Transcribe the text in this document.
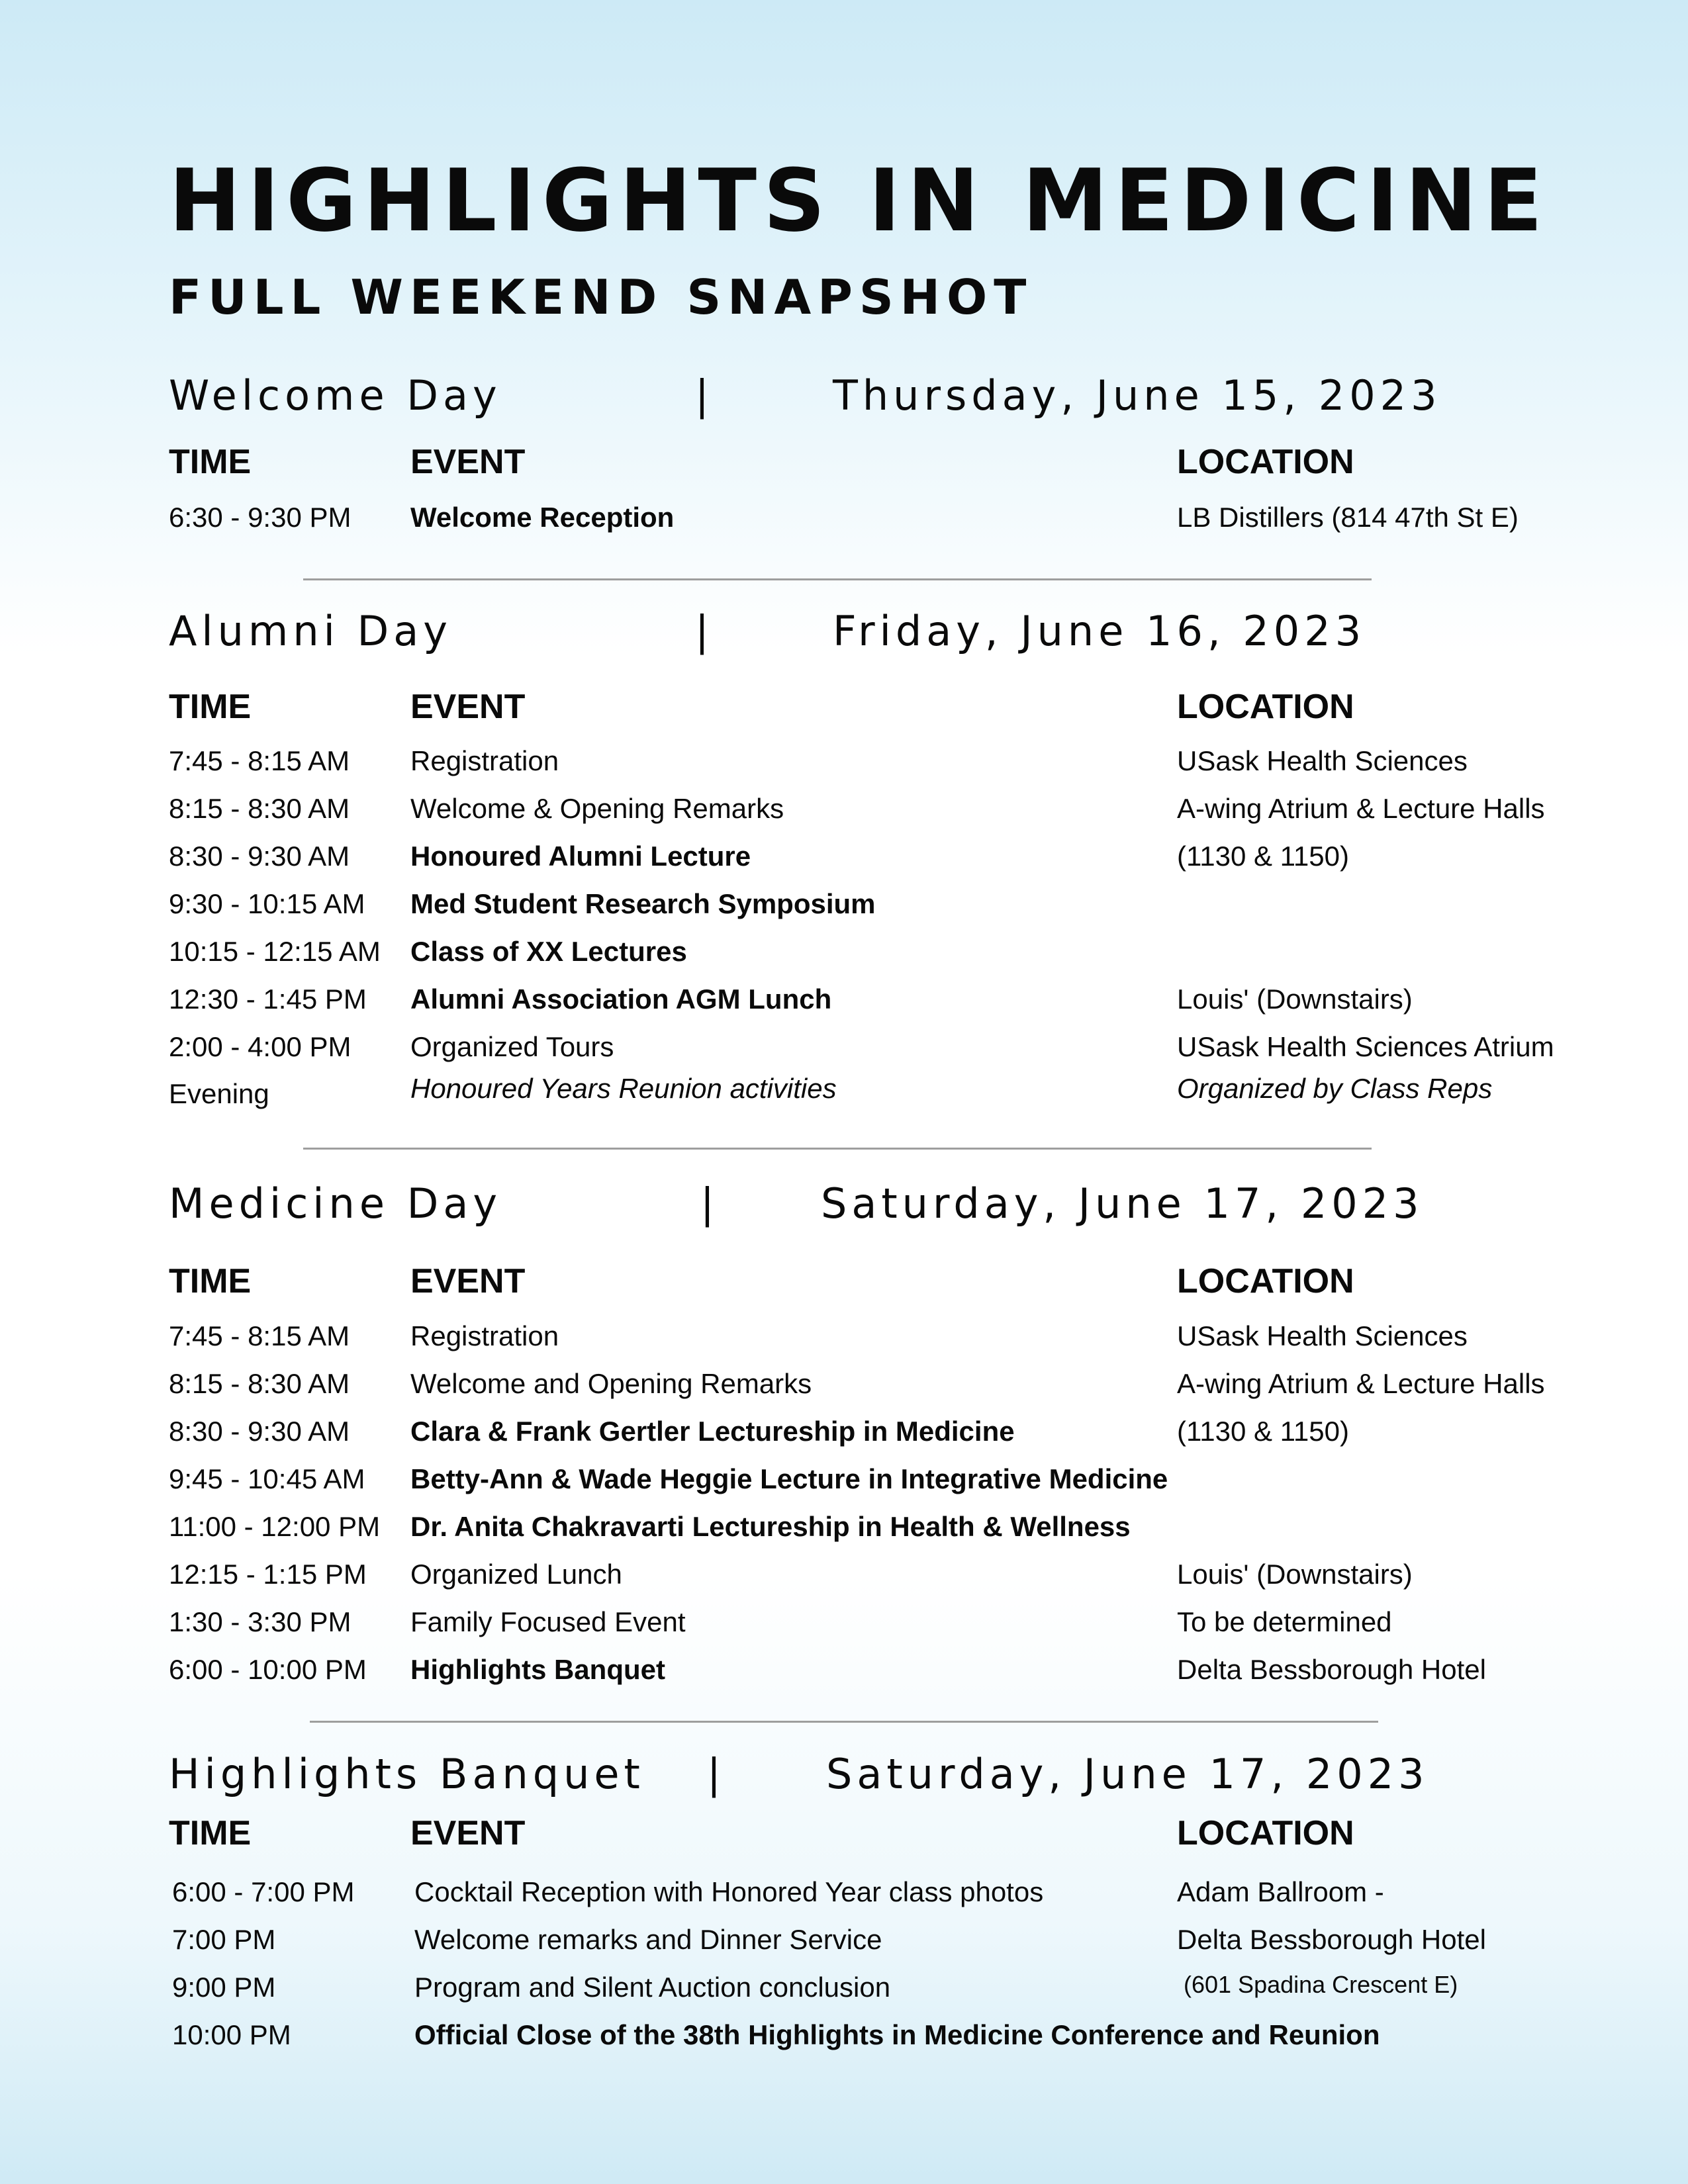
HIGHLIGHTS IN MEDICINE
FULL WEEKEND SNAPSHOT
Welcome Day	|	Thursday, June 15, 2023
TIME	EVENT	LOCATION
6:30 - 9:30 PM Welcome Reception	LB Distillers (814 47th St E)
Alumni Day	|	Friday, June 16, 2023
TIME	EVENT	LOCATION
7:45 - 8:15 AM Registration	USask Health Sciences
8:15 - 8:30 AM Welcome & Opening Remarks	A-wing Atrium & Lecture Halls
8:30 - 9:30 AM Honoured Alumni Lecture	(1130 & 1150)
9:30 - 10:15 AM Med Student Research Symposium
10:15 - 12:15 AM Class of XX Lectures
12:30 - 1:45 PM Alumni Association AGM Lunch	Louis' (Downstairs)
2:00 - 4:00 PM Organized Tours	USask Health Sciences Atrium
Evening	Honoured Years Reunion activities	Organized by Class Reps
Medicine Day	| Saturday, June 17, 2023
TIME	EVENT	LOCATION
7:45 - 8:15 AM Registration	USask Health Sciences
8:15 - 8:30 AM Welcome and Opening Remarks	A-wing Atrium & Lecture Halls
8:30 - 9:30 AM Clara & Frank Gertler Lectureship in Medicine	(1130 & 1150)
9:45 - 10:45 AM Betty-Ann & Wade Heggie Lecture in Integrative Medicine
11:00 - 12:00 PM Dr. Anita Chakravarti Lectureship in Health & Wellness
12:15 - 1:15 PM Organized Lunch	Louis' (Downstairs)
1:30 - 3:30 PM Family Focused Event	To be determined
6:00 - 10:00 PM Highlights Banquet	Delta Bessborough Hotel
Highlights Banquet | Saturday, June 17, 2023
TIME	EVENT	LOCATION
6:00 - 7:00 PM Cocktail Reception with Honored Year class photos	Adam Ballroom -
7:00 PM	Welcome remarks and Dinner Service	Delta Bessborough Hotel
9:00 PM	Program and Silent Auction conclusion	(601 Spadina Crescent E)
10:00 PM	Official Close of the 38th Highlights in Medicine Conference and Reunion
